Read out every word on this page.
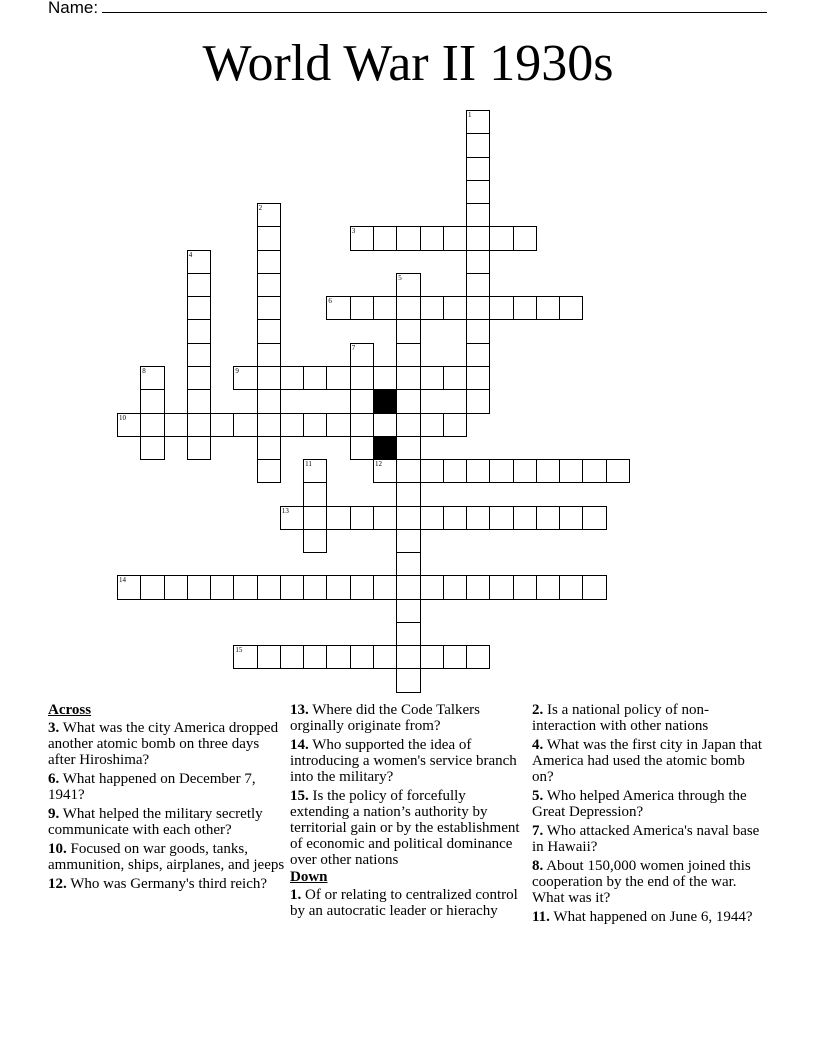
Name:
World War II 1930s
1
2
3
4
5
6
7
8	9
10
11	12
13
14
15
Across
3. What was the city America dropped another atomic bomb on three days after Hiroshima?
6. What happened on December 7, 1941?
9. What helped the military secretly communicate with each other?
10. Focused on war goods, tanks, ammunition, ships, airplanes, and jeeps
12. Who was Germany's third reich?
13. Where did the Code Talkers orginally originate from?
14. Who supported the idea of introducing a women's service branch into the military?
15. Is the policy of forcefully extending a nation’s authority by territorial gain or by the establishment of economic and political dominance over other nations
Down
1. Of or relating to centralized control by an autocratic leader or hierachy
2. Is a national policy of non-interaction with other nations
4. What was the first city in Japan that America had used the atomic bomb on?
5. Who helped America through the Great Depression?
7. Who attacked America's naval base in Hawaii?
8. About 150,000 women joined this cooperation by the end of the war. What was it?
11. What happened on June 6, 1944?
